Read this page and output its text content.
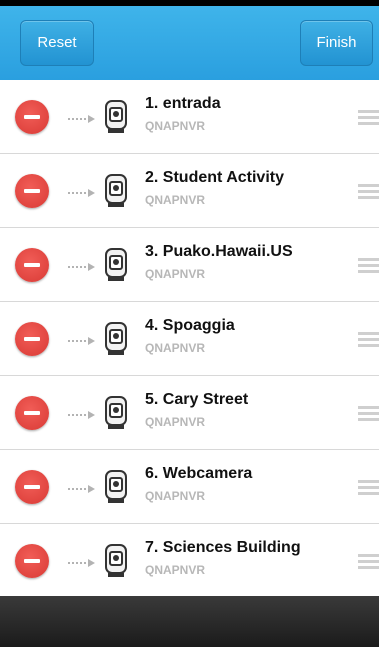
Reset	Finish
1. entrada
QNAPNVR
2. Student Activity
QNAPNVR
3. Puako.Hawaii.US
QNAPNVR
4. Spoaggia
QNAPNVR
5. Cary Street
QNAPNVR
6. Webcamera
QNAPNVR
7. Sciences Building
QNAPNVR
